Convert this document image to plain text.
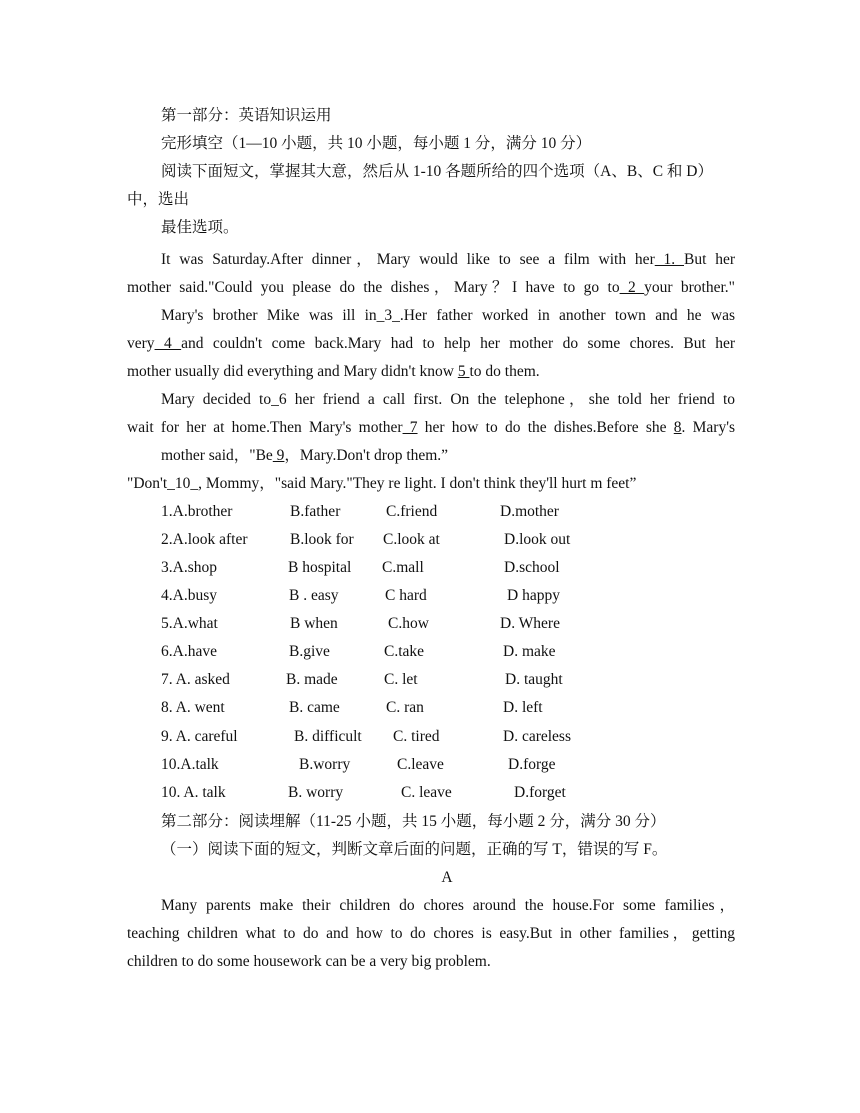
第一部分：英语知识运用
完形填空（1—10 小题，共 10 小题，每小题 1 分，满分 10 分）
阅读下面短文，掌握其大意，然后从 1-10 各题所给的四个选项（A、B、C 和 D）
中，选出
最佳选项。
It was Saturday.After dinner，Mary would like to see a film with her 1. But her
mother said."Could you please do the dishes，Mary？I have to go to 2 your brother."
Mary's brother Mike was ill in_3_.Her father worked in another town and he was
very 4 and couldn't come back.Mary had to help her mother do some chores. But her
mother usually did everything and Mary didn't know 5 to do them.
Mary decided to_6 her friend a call first. On the telephone，she told her friend to
wait for her at home.Then Mary's mother 7 her how to do the dishes.Before she 8. Mary's
mother said，"Be 9，Mary.Don't drop them.”
"Don't_10_, Mommy，"said Mary."They re light. I don't think they'll hurt m feet”
1.A.brother	B.father	C.friend	D.mother
2.A.look after	B.look for C.look at	D.look out
3.A.shop	B hospital C.mall	D.school
4.A.busy	B . easy	C hard	D happy
5.A.what	B when	C.how	D. Where
6.A.have	B.give	C.take	D. make
7. A. asked	B. made	C. let	D. taught
8. A. went	B. came	C. ran	D. left
9. A. careful	B. difficult C. tired	D. careless
10.A.talk	B.worry	C.leave	D.forge
10. A. talk	B. worry	C. leave	D.forget
第二部分：阅读埋解（11-25 小题，共 15 小题，每小题 2 分，满分 30 分）
（一）阅读下面的短文，判断文章后面的问题，正确的写 T，错误的写 F。
A
Many parents make their children do chores around the house.For some families，
teaching children what to do and how to do chores is easy.But in other families，getting
children to do some housework can be a very big problem.
